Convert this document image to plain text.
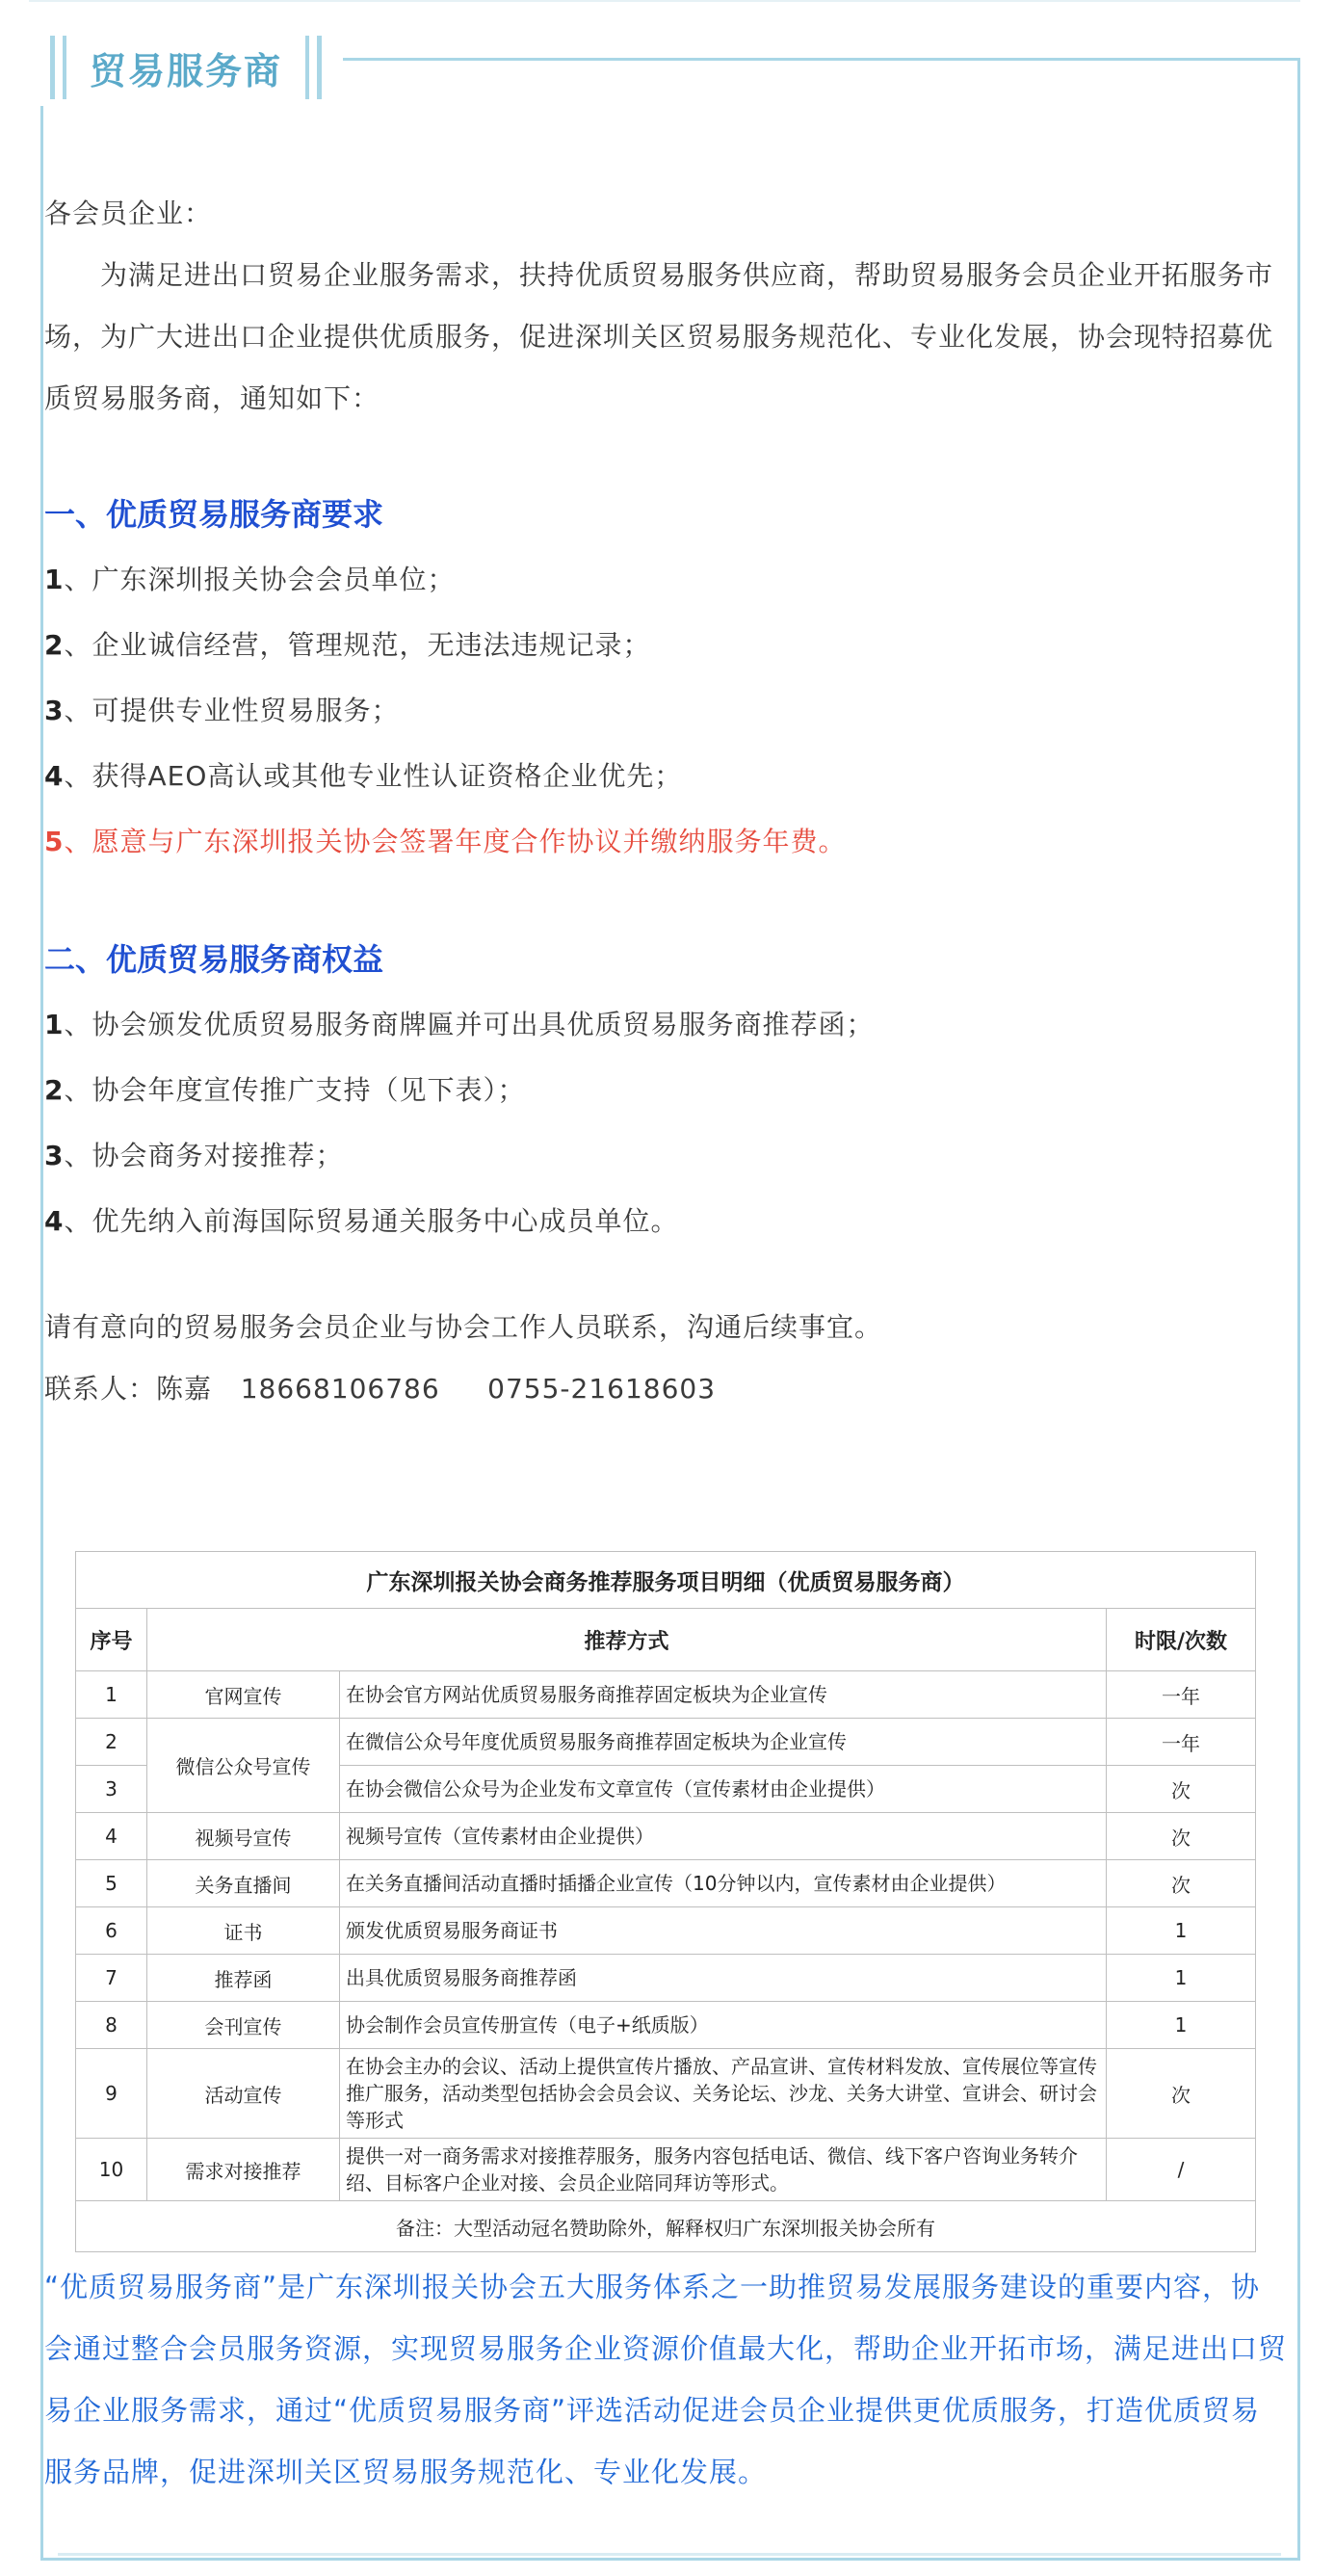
贸易服务商

各会员企业：

为满足进出口贸易企业服务需求，扶持优质贸易服务供应商，帮助贸易服务会员企业开拓服务市场，为广大进出口企业提供优质服务，促进深圳关区贸易服务规范化、专业化发展，协会现特招募优质贸易服务商，通知如下：

一、优质贸易服务商要求

1、广东深圳报关协会会员单位；

2、企业诚信经营，管理规范，无违法违规记录；

3、可提供专业性贸易服务；

4、获得AEO高认或其他专业性认证资格企业优先；

5、愿意与广东深圳报关协会签署年度合作协议并缴纳服务年费。

二、优质贸易服务商权益

1、协会颁发优质贸易服务商牌匾并可出具优质贸易服务商推荐函；

2、协会年度宣传推广支持（见下表）；

3、协会商务对接推荐；

4、优先纳入前海国际贸易通关服务中心成员单位。

请有意向的贸易服务会员企业与协会工作人员联系，沟通后续事宜。

联系人：陈嘉   18668106786     0755-21618603

广东深圳报关协会商务推荐服务项目明细（优质贸易服务商）			
序号	推荐方式		时限/次数
1	官网宣传	在协会官方网站优质贸易服务商推荐固定板块为企业宣传	一年
2	微信公众号宣传	在微信公众号年度优质贸易服务商推荐固定板块为企业宣传	一年
3		在协会微信公众号为企业发布文章宣传（宣传素材由企业提供）	次
4	视频号宣传	视频号宣传（宣传素材由企业提供）	次
5	关务直播间	在关务直播间活动直播时插播企业宣传（10分钟以内，宣传素材由企业提供）	次
6	证书	颁发优质贸易服务商证书	1
7	推荐函	出具优质贸易服务商推荐函	1
8	会刊宣传	协会制作会员宣传册宣传（电子+纸质版）	1
9	活动宣传	在协会主办的会议、活动上提供宣传片播放、产品宣讲、宣传材料发放、宣传展位等宣传推广服务，活动类型包括协会会员会议、关务论坛、沙龙、关务大讲堂、宣讲会、研讨会等形式	次
10	需求对接推荐	提供一对一商务需求对接推荐服务，服务内容包括电话、微信、线下客户咨询业务转介绍、目标客户企业对接、会员企业陪同拜访等形式。	/
备注：大型活动冠名赞助除外，解释权归广东深圳报关协会所有			

“优质贸易服务商”是广东深圳报关协会五大服务体系之一助推贸易发展服务建设的重要内容，协会通过整合会员服务资源，实现贸易服务企业资源价值最大化，帮助企业开拓市场，满足进出口贸易企业服务需求，通过“优质贸易服务商”评选活动促进会员企业提供更优质服务，打造优质贸易服务品牌，促进深圳关区贸易服务规范化、专业化发展。
